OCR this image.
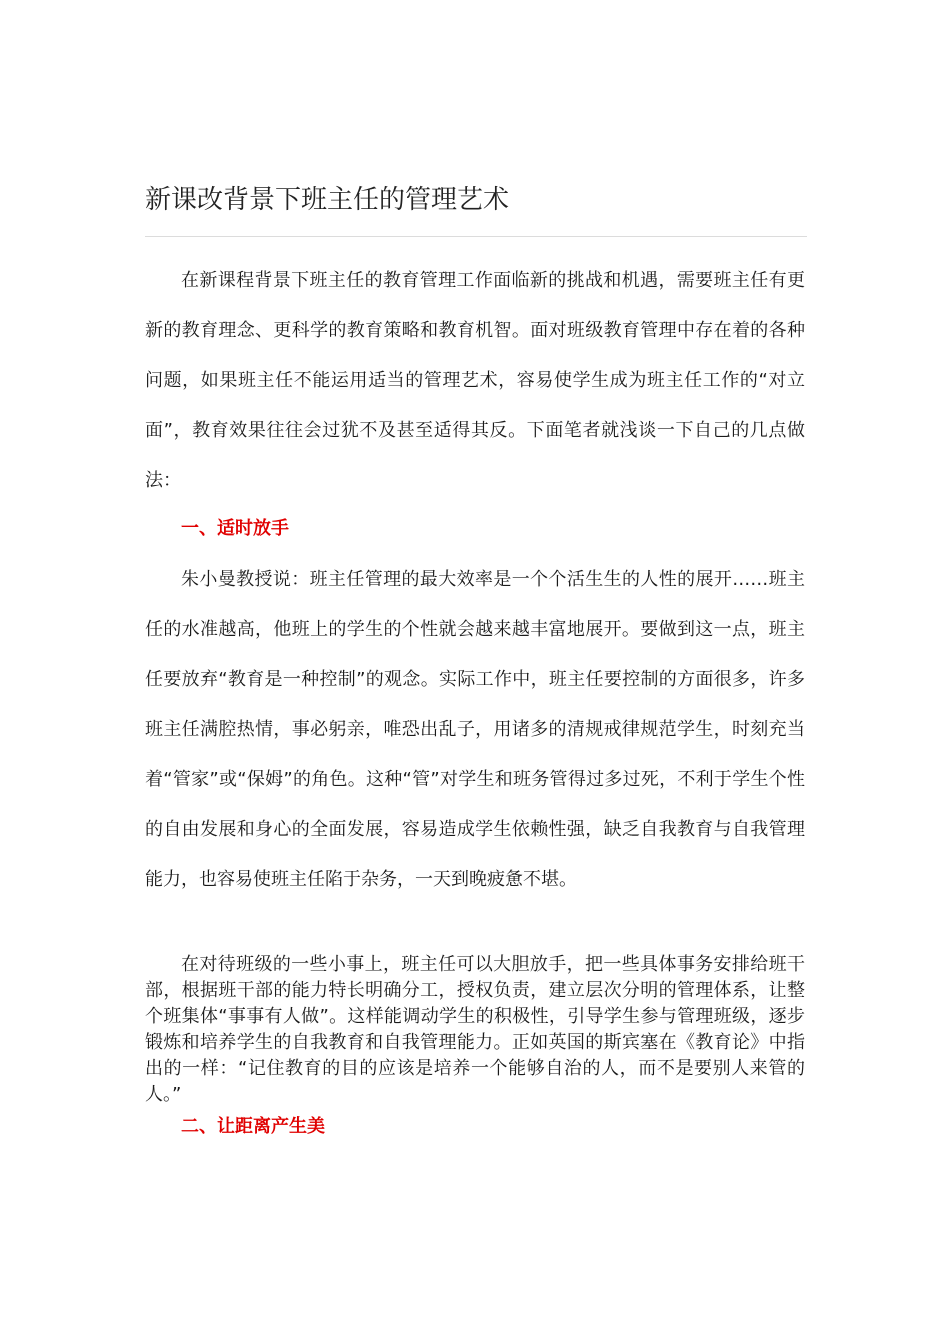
新课改背景下班主任的管理艺术

在新课程背景下班主任的教育管理工作面临新的挑战和机遇，需要班主任有更新的教育理念、更科学的教育策略和教育机智。面对班级教育管理中存在着的各种问题，如果班主任不能运用适当的管理艺术，容易使学生成为班主任工作的“对立面”，教育效果往往会过犹不及甚至适得其反。下面笔者就浅谈一下自己的几点做法：

一、适时放手

朱小曼教授说：班主任管理的最大效率是一个个活生生的人性的展开……班主任的水准越高，他班上的学生的个性就会越来越丰富地展开。要做到这一点，班主任要放弃“教育是一种控制”的观念。实际工作中，班主任要控制的方面很多，许多班主任满腔热情，事必躬亲，唯恐出乱子，用诸多的清规戒律规范学生，时刻充当着“管家”或“保姆”的角色。这种“管”对学生和班务管得过多过死，不利于学生个性的自由发展和身心的全面发展，容易造成学生依赖性强，缺乏自我教育与自我管理能力，也容易使班主任陷于杂务，一天到晚疲惫不堪。

在对待班级的一些小事上，班主任可以大胆放手，把一些具体事务安排给班干部，根据班干部的能力特长明确分工，授权负责，建立层次分明的管理体系，让整个班集体“事事有人做”。这样能调动学生的积极性，引导学生参与管理班级，逐步锻炼和培养学生的自我教育和自我管理能力。正如英国的斯宾塞在《教育论》中指出的一样：“记住教育的目的应该是培养一个能够自治的人，而不是要别人来管的人。”

二、让距离产生美
